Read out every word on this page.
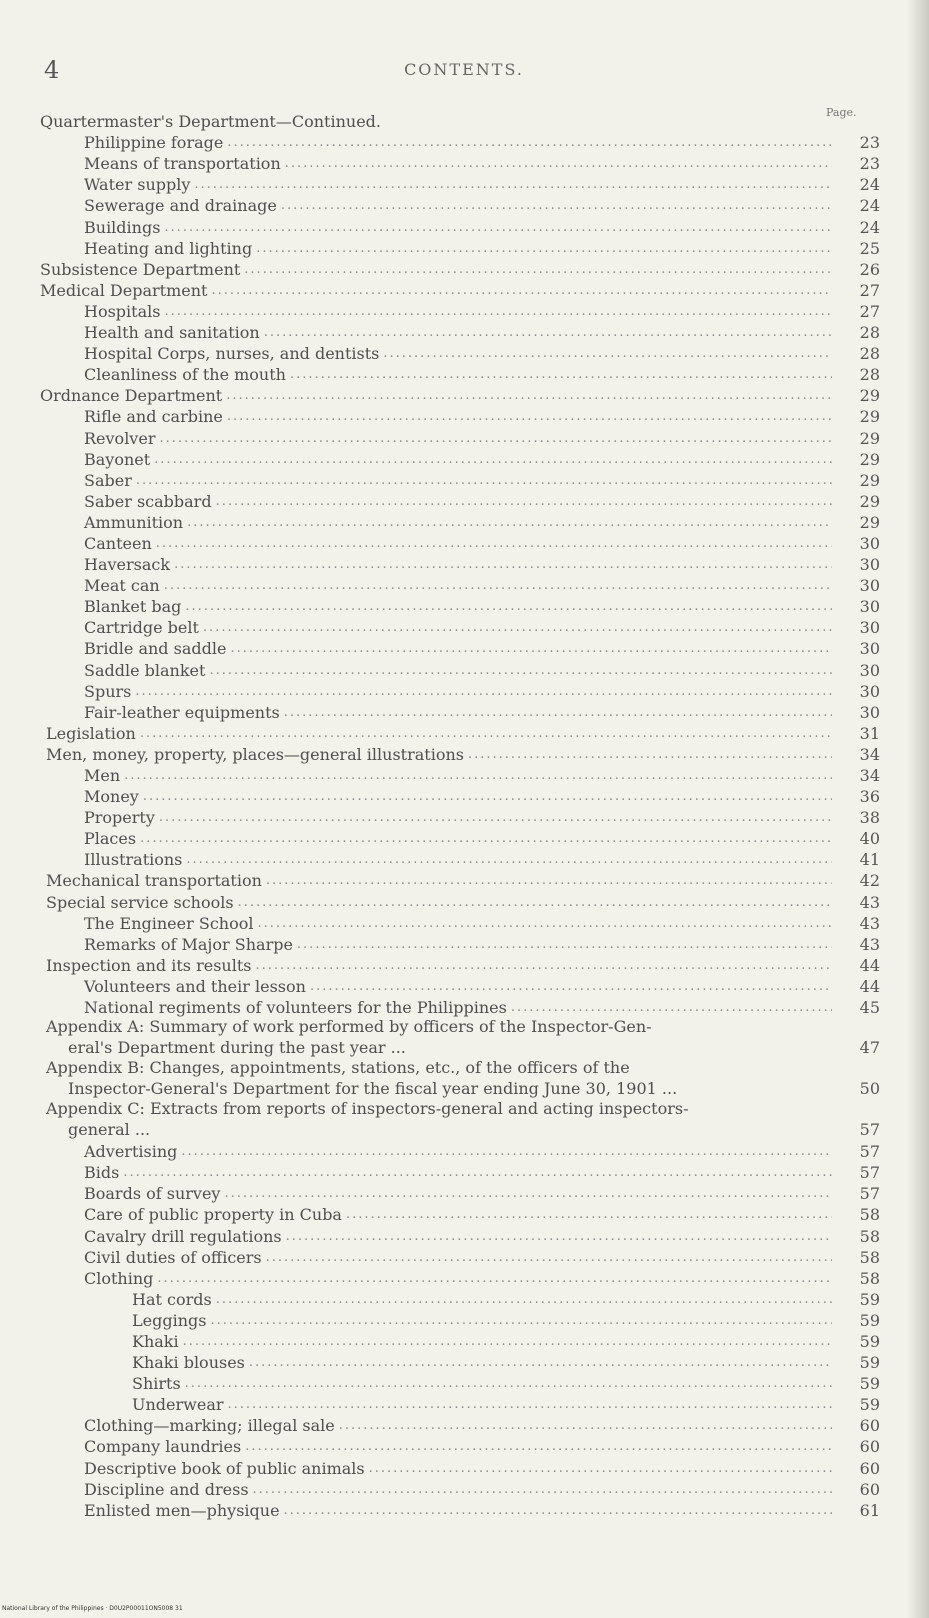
4	CONTENTS.
Page.
Quartermaster's Department—Continued.
Philippine forage .....	23
Means of transportation .....	23
Water supply .....	24
Sewerage and drainage .....	24
Buildings .....	24
Heating and lighting .....	25
Subsistence Department .....	26
Medical Department .....	27
Hospitals .....	27
Health and sanitation .....	28
Hospital Corps, nurses, and dentists .....	28
Cleanliness of the mouth .....	28
Ordnance Department .....	29
Rifle and carbine .....	29
Revolver .....	29
Bayonet .....	29
Saber .....	29
Saber scabbard .....	29
Ammunition .....	29
Canteen .....	30
Haversack .....	30
Meat can .....	30
Blanket bag .....	30
Cartridge belt .....	30
Bridle and saddle .....	30
Saddle blanket .....	30
Spurs .....	30
Fair-leather equipments .....	30
Legislation .....	31
Men, money, property, places—general illustrations .....	34
Men .....	34
Money .....	36
Property .....	38
Places .....	40
Illustrations .....	41
Mechanical transportation .....	42
Special service schools .....	43
The Engineer School .....	43
Remarks of Major Sharpe .....	43
Inspection and its results .....	44
Volunteers and their lesson .....	44
National regiments of volunteers for the Philippines .....	45
Appendix A: Summary of work performed by officers of the Inspector-Gen-
eral's Department during the past year ...	47
Appendix B: Changes, appointments, stations, etc., of the officers of the
Inspector-General's Department for the fiscal year ending June 30, 1901 ...	50
Appendix C: Extracts from reports of inspectors-general and acting inspectors-
general ...	57
Advertising .....	57
Bids .....	57
Boards of survey .....	57
Care of public property in Cuba .....	58
Cavalry drill regulations .....	58
Civil duties of officers .....	58
Clothing .....	58
Hat cords .....	59
Leggings .....	59
Khaki .....	59
Khaki blouses .....	59
Shirts .....	59
Underwear .....	59
Clothing—marking; illegal sale .....	60
Company laundries .....	60
Descriptive book of public animals .....	60
Discipline and dress .....	60
Enlisted men—physique .....	61
National Library of the Philippines · D0U2P00011ON5008 31
